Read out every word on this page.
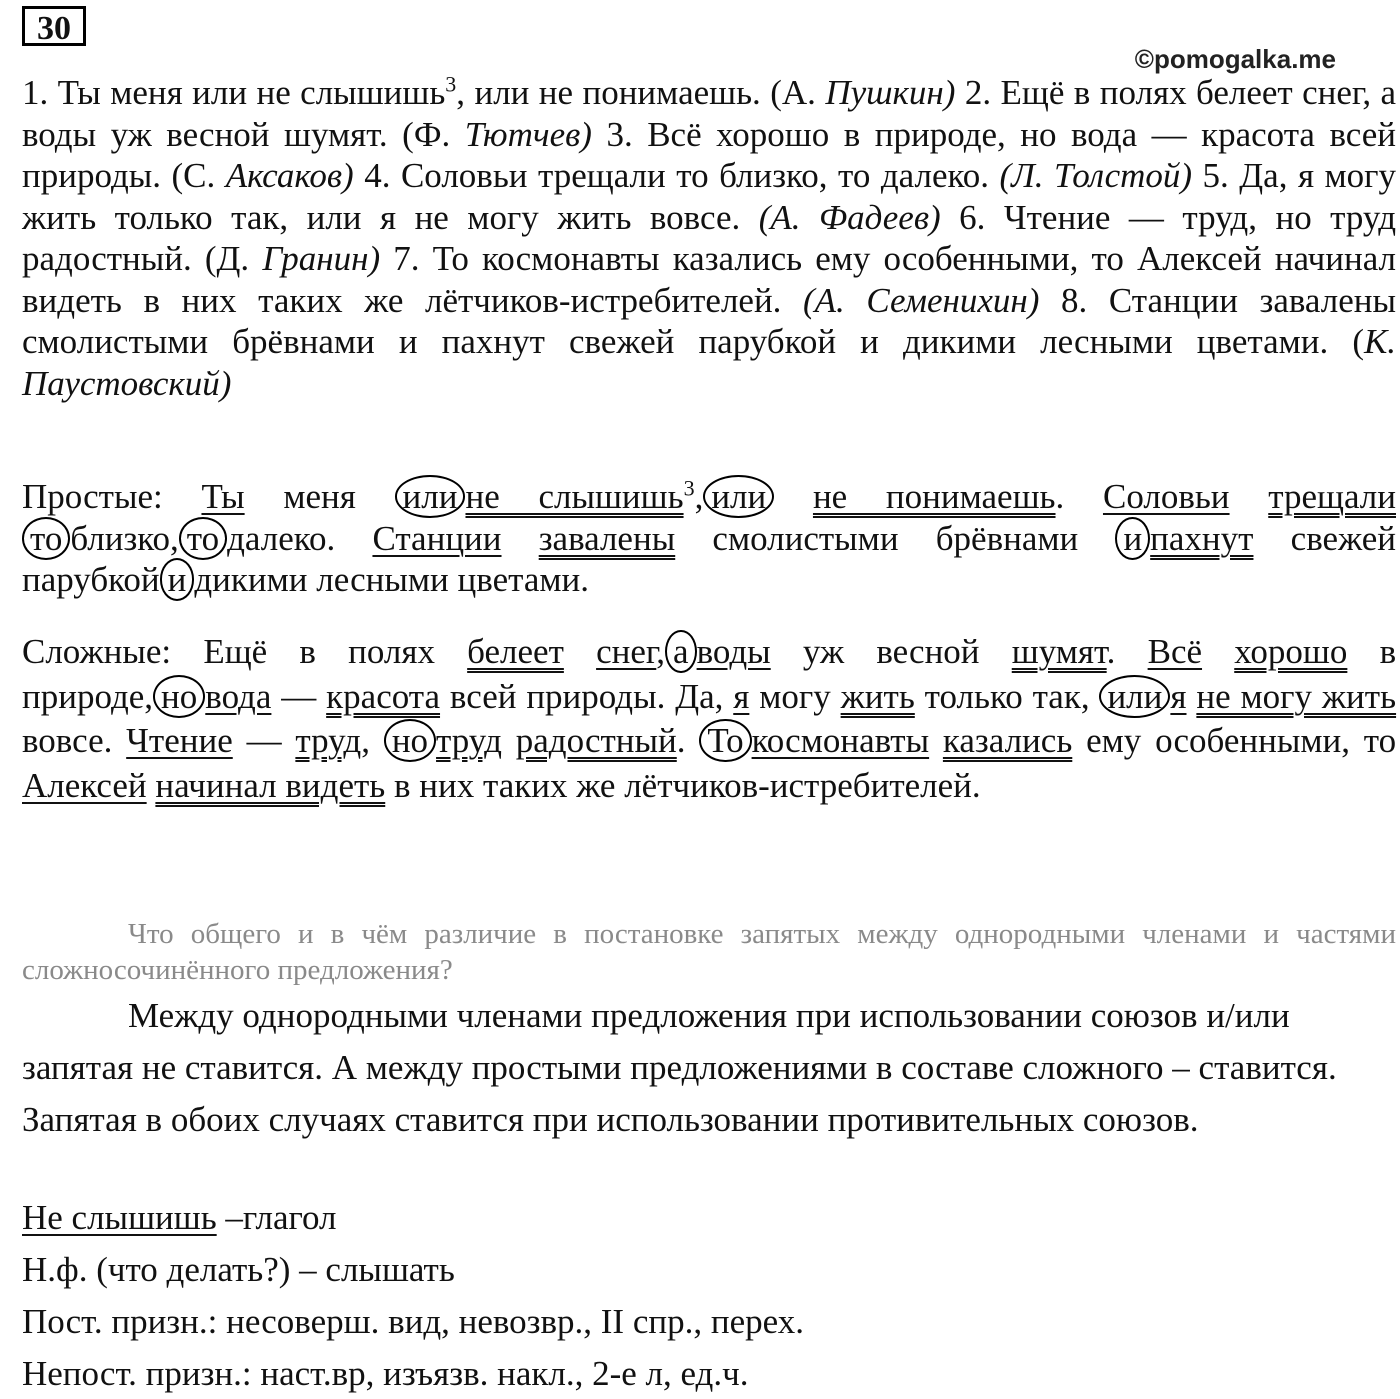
30
©pomogalka.me
1. Ты меня или не слышишь$^3$, или не понимаешь. (А. Пушкин) 2. Ещё в полях белеет снег, а воды уж весной шумят. (Ф. Тютчев) 3. Всё хорошо в природе, но вода — красота всей природы. (С. Аксаков) 4. Соловьи трещали то близко, то далеко. (Л. Толстой) 5. Да, я могу жить только так, или я не могу жить вовсе. (А. Фадеев) 6. Чтение — труд, но труд радостный. (Д. Гранин) 7. То космонавты казались ему особенными, то Алексей начинал видеть в них таких же лётчиков-истребителей. (А. Семенихин) 8. Станции завалены смолистыми брёвнами и пахнут свежей парубкой и дикими лесными цветами. (К. Паустовский)
Простые: Ты меня или не слышишь$^3$, или не понимаешь. Соловьи трещали то близко, то далеко. Станции завалены смолистыми брёвнами и пахнут свежей парубкой и дикими лесными цветами.
Сложные: Ещё в полях белеет снег, а воды уж весной шумят. Всё хорошо в природе, но вода — красота всей природы. Да, я могу жить только так, или я не могу жить вовсе. Чтение — труд, но труд радостный. То космонавты казались ему особенными, то Алексей начинал видеть в них таких же лётчиков-истребителей.
Что общего и в чём различие в постановке запятых между однородными членами и частями сложносочинённого предложения?
Между однородными членами предложения при использовании союзов и/или запятая не ставится. А между простыми предложениями в составе сложного – ставится. Запятая в обоих случаях ставится при использовании противительных союзов.
Не слышишь –глагол
Н.ф. (что делать?) – слышать
Пост. призн.: несоверш. вид, невозвр., II спр., перех.
Непост. призн.: наст.вр, изъязв. накл., 2-е л, ед.ч.
